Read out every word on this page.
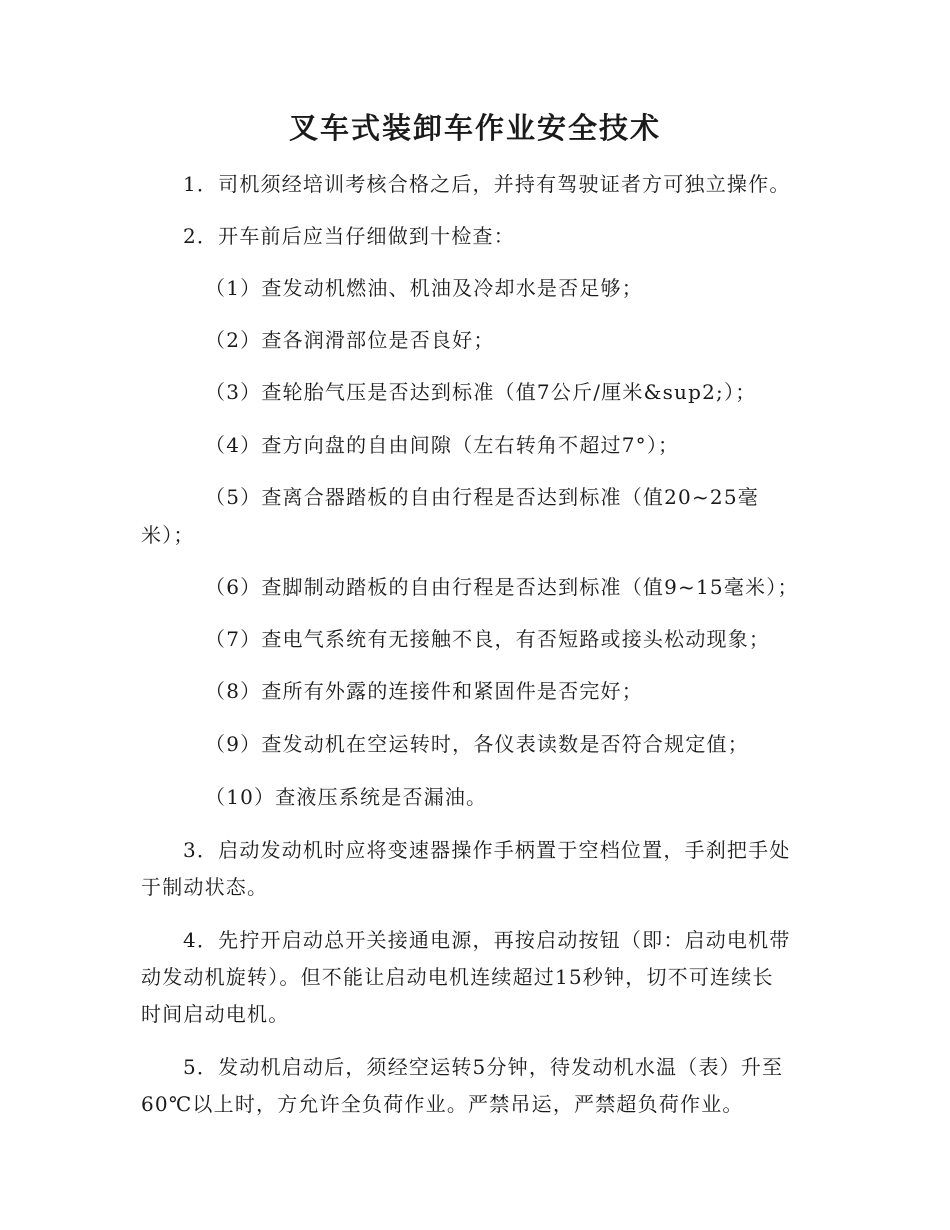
叉车式装卸车作业安全技术
1．司机须经培训考核合格之后，并持有驾驶证者方可独立操作。
2．开车前后应当仔细做到十检查：
（1）查发动机燃油、机油及冷却水是否足够；
（2）查各润滑部位是否良好；
（3）查轮胎气压是否达到标准（值7公斤/厘米&sup2;）；
（4）查方向盘的自由间隙（左右转角不超过7°）；
（5）查离合器踏板的自由行程是否达到标准（值20~25毫
米）；
（6）查脚制动踏板的自由行程是否达到标准（值9~15毫米）；
（7）查电气系统有无接触不良，有否短路或接头松动现象；
（8）查所有外露的连接件和紧固件是否完好；
（9）查发动机在空运转时，各仪表读数是否符合规定值；
（10）查液压系统是否漏油。
3．启动发动机时应将变速器操作手柄置于空档位置，手刹把手处
于制动状态。
4．先拧开启动总开关接通电源，再按启动按钮（即：启动电机带
动发动机旋转）。但不能让启动电机连续超过15秒钟，切不可连续长
时间启动电机。
5．发动机启动后，须经空运转5分钟，待发动机水温（表）升至
60℃以上时，方允许全负荷作业。严禁吊运，严禁超负荷作业。
